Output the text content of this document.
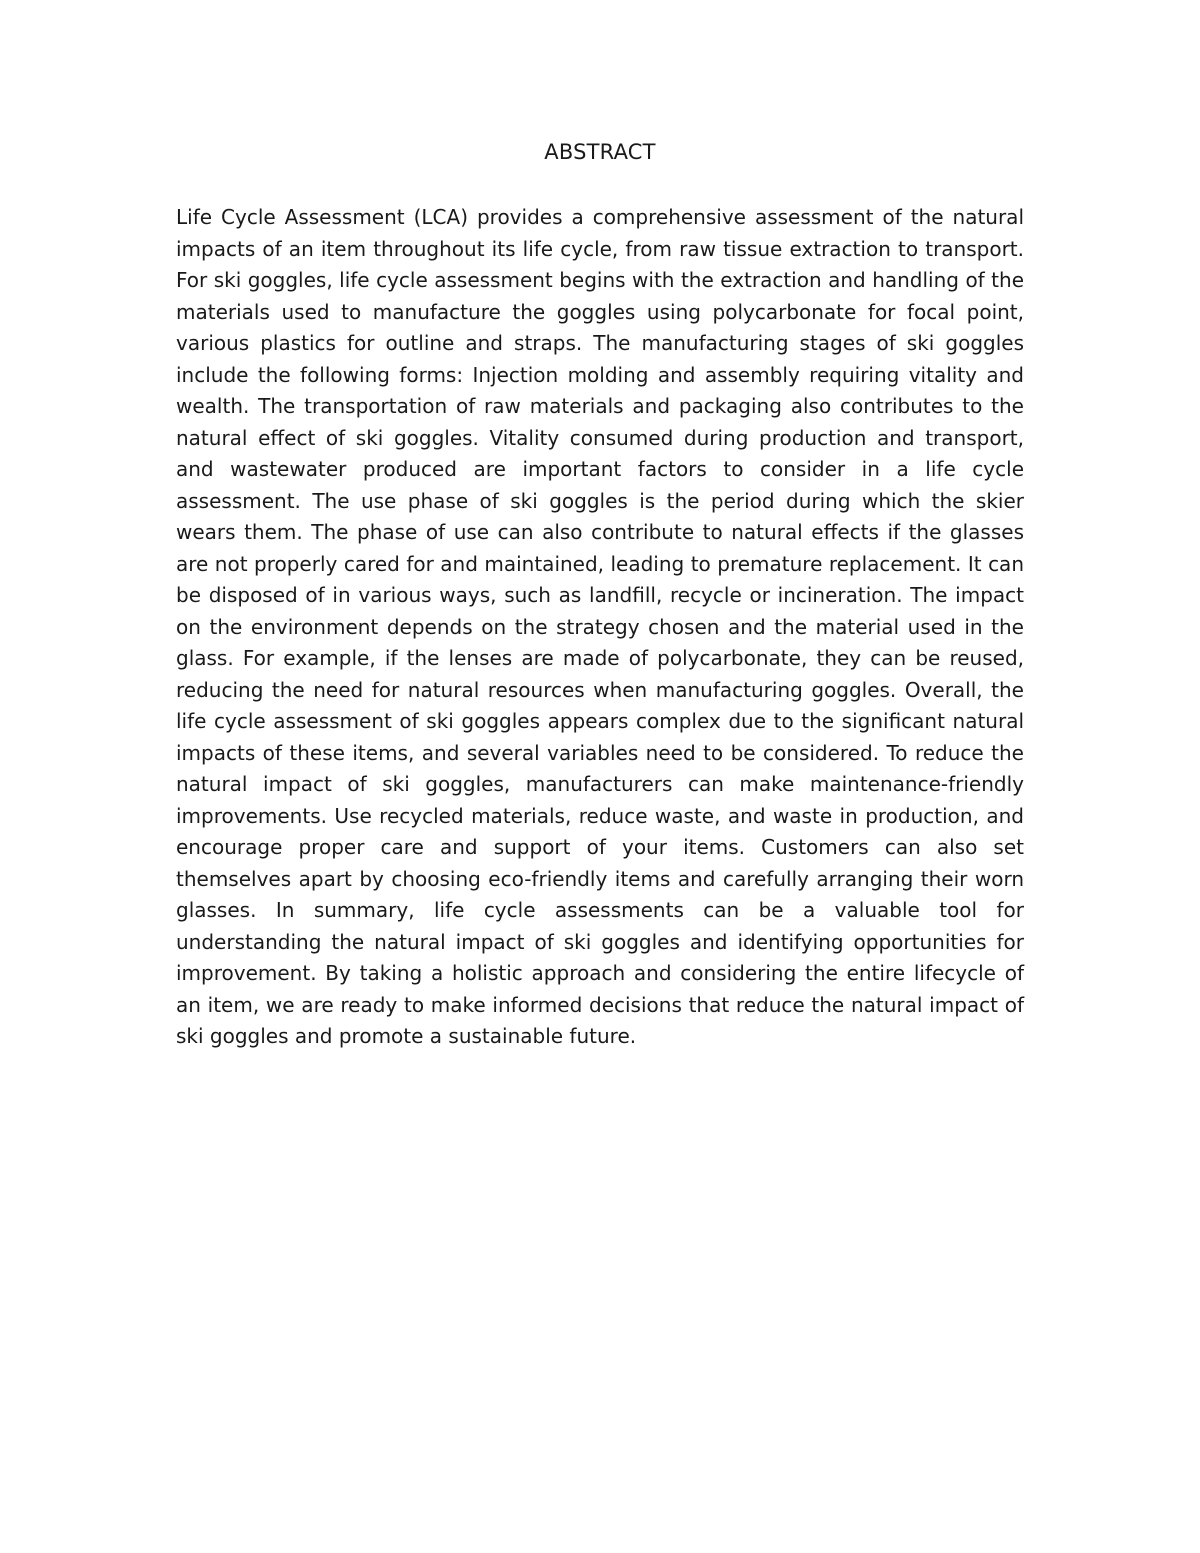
ABSTRACT

Life Cycle Assessment (LCA) provides a comprehensive assessment of the natural impacts of an item throughout its life cycle, from raw tissue extraction to transport. For ski goggles, life cycle assessment begins with the extraction and handling of the materials used to manufacture the goggles using polycarbonate for focal point, various plastics for outline and straps. The manufacturing stages of ski goggles include the following forms: Injection molding and assembly requiring vitality and wealth. The transportation of raw materials and packaging also contributes to the natural effect of ski goggles. Vitality consumed during production and transport, and wastewater produced are important factors to consider in a life cycle assessment. The use phase of ski goggles is the period during which the skier wears them. The phase of use can also contribute to natural effects if the glasses are not properly cared for and maintained, leading to premature replacement. It can be disposed of in various ways, such as landfill, recycle or incineration. The impact on the environment depends on the strategy chosen and the material used in the glass. For example, if the lenses are made of polycarbonate, they can be reused, reducing the need for natural resources when manufacturing goggles. Overall, the life cycle assessment of ski goggles appears complex due to the significant natural impacts of these items, and several variables need to be considered. To reduce the natural impact of ski goggles, manufacturers can make maintenance-friendly improvements. Use recycled materials, reduce waste, and waste in production, and encourage proper care and support of your items. Customers can also set themselves apart by choosing eco-friendly items and carefully arranging their worn glasses. In summary, life cycle assessments can be a valuable tool for understanding the natural impact of ski goggles and identifying opportunities for improvement. By taking a holistic approach and considering the entire lifecycle of an item, we are ready to make informed decisions that reduce the natural impact of ski goggles and promote a sustainable future.
